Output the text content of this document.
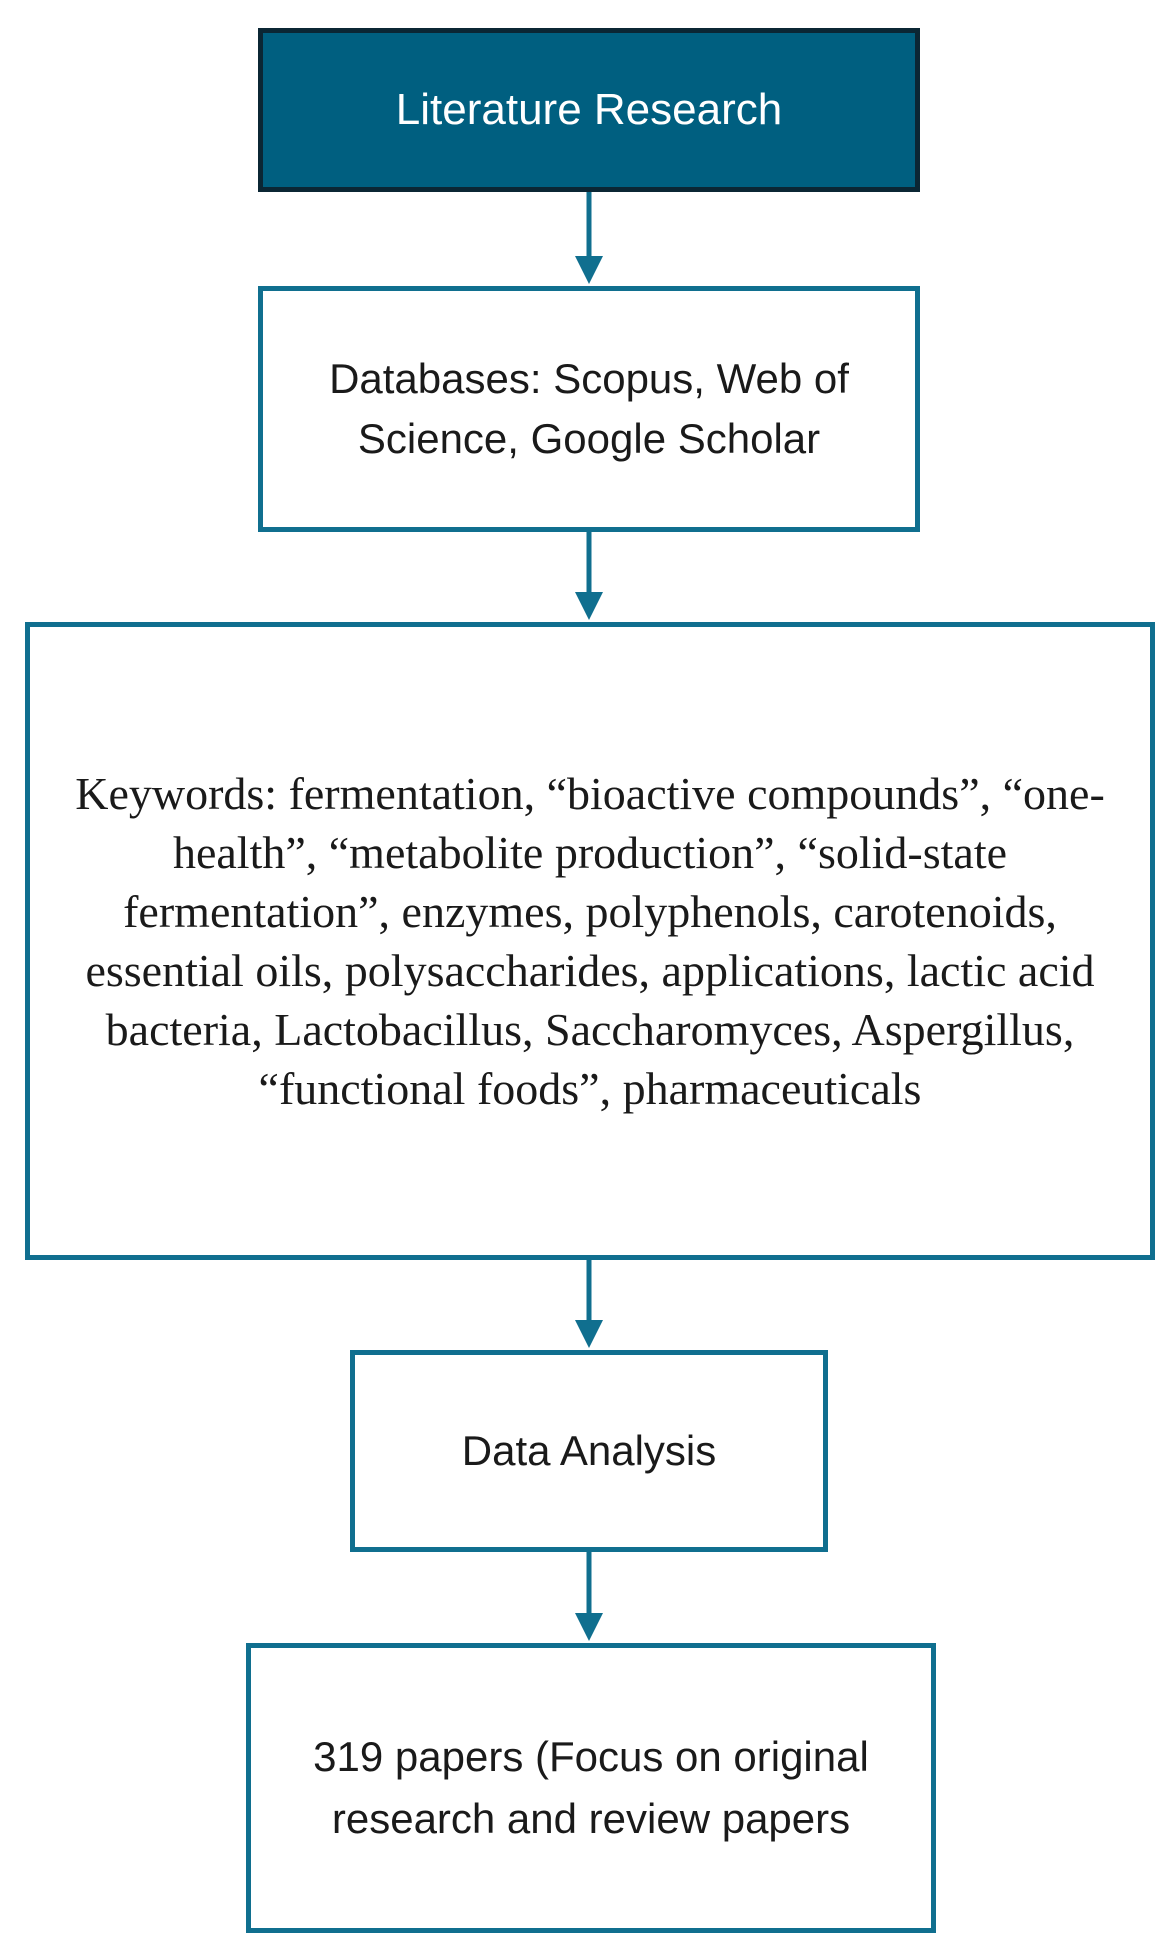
Literature Research
Databases: Scopus, Web of Science, Google Scholar
Keywords: fermentation, “bioactive compounds”, “one-health”, “metabolite production”, “solid-state fermentation”, enzymes, polyphenols, carotenoids, essential oils, polysaccharides, applications, lactic acid bacteria, Lactobacillus, Saccharomyces, Aspergillus, “functional foods”, pharmaceuticals
Data Analysis
319 papers (Focus on original research and review papers
